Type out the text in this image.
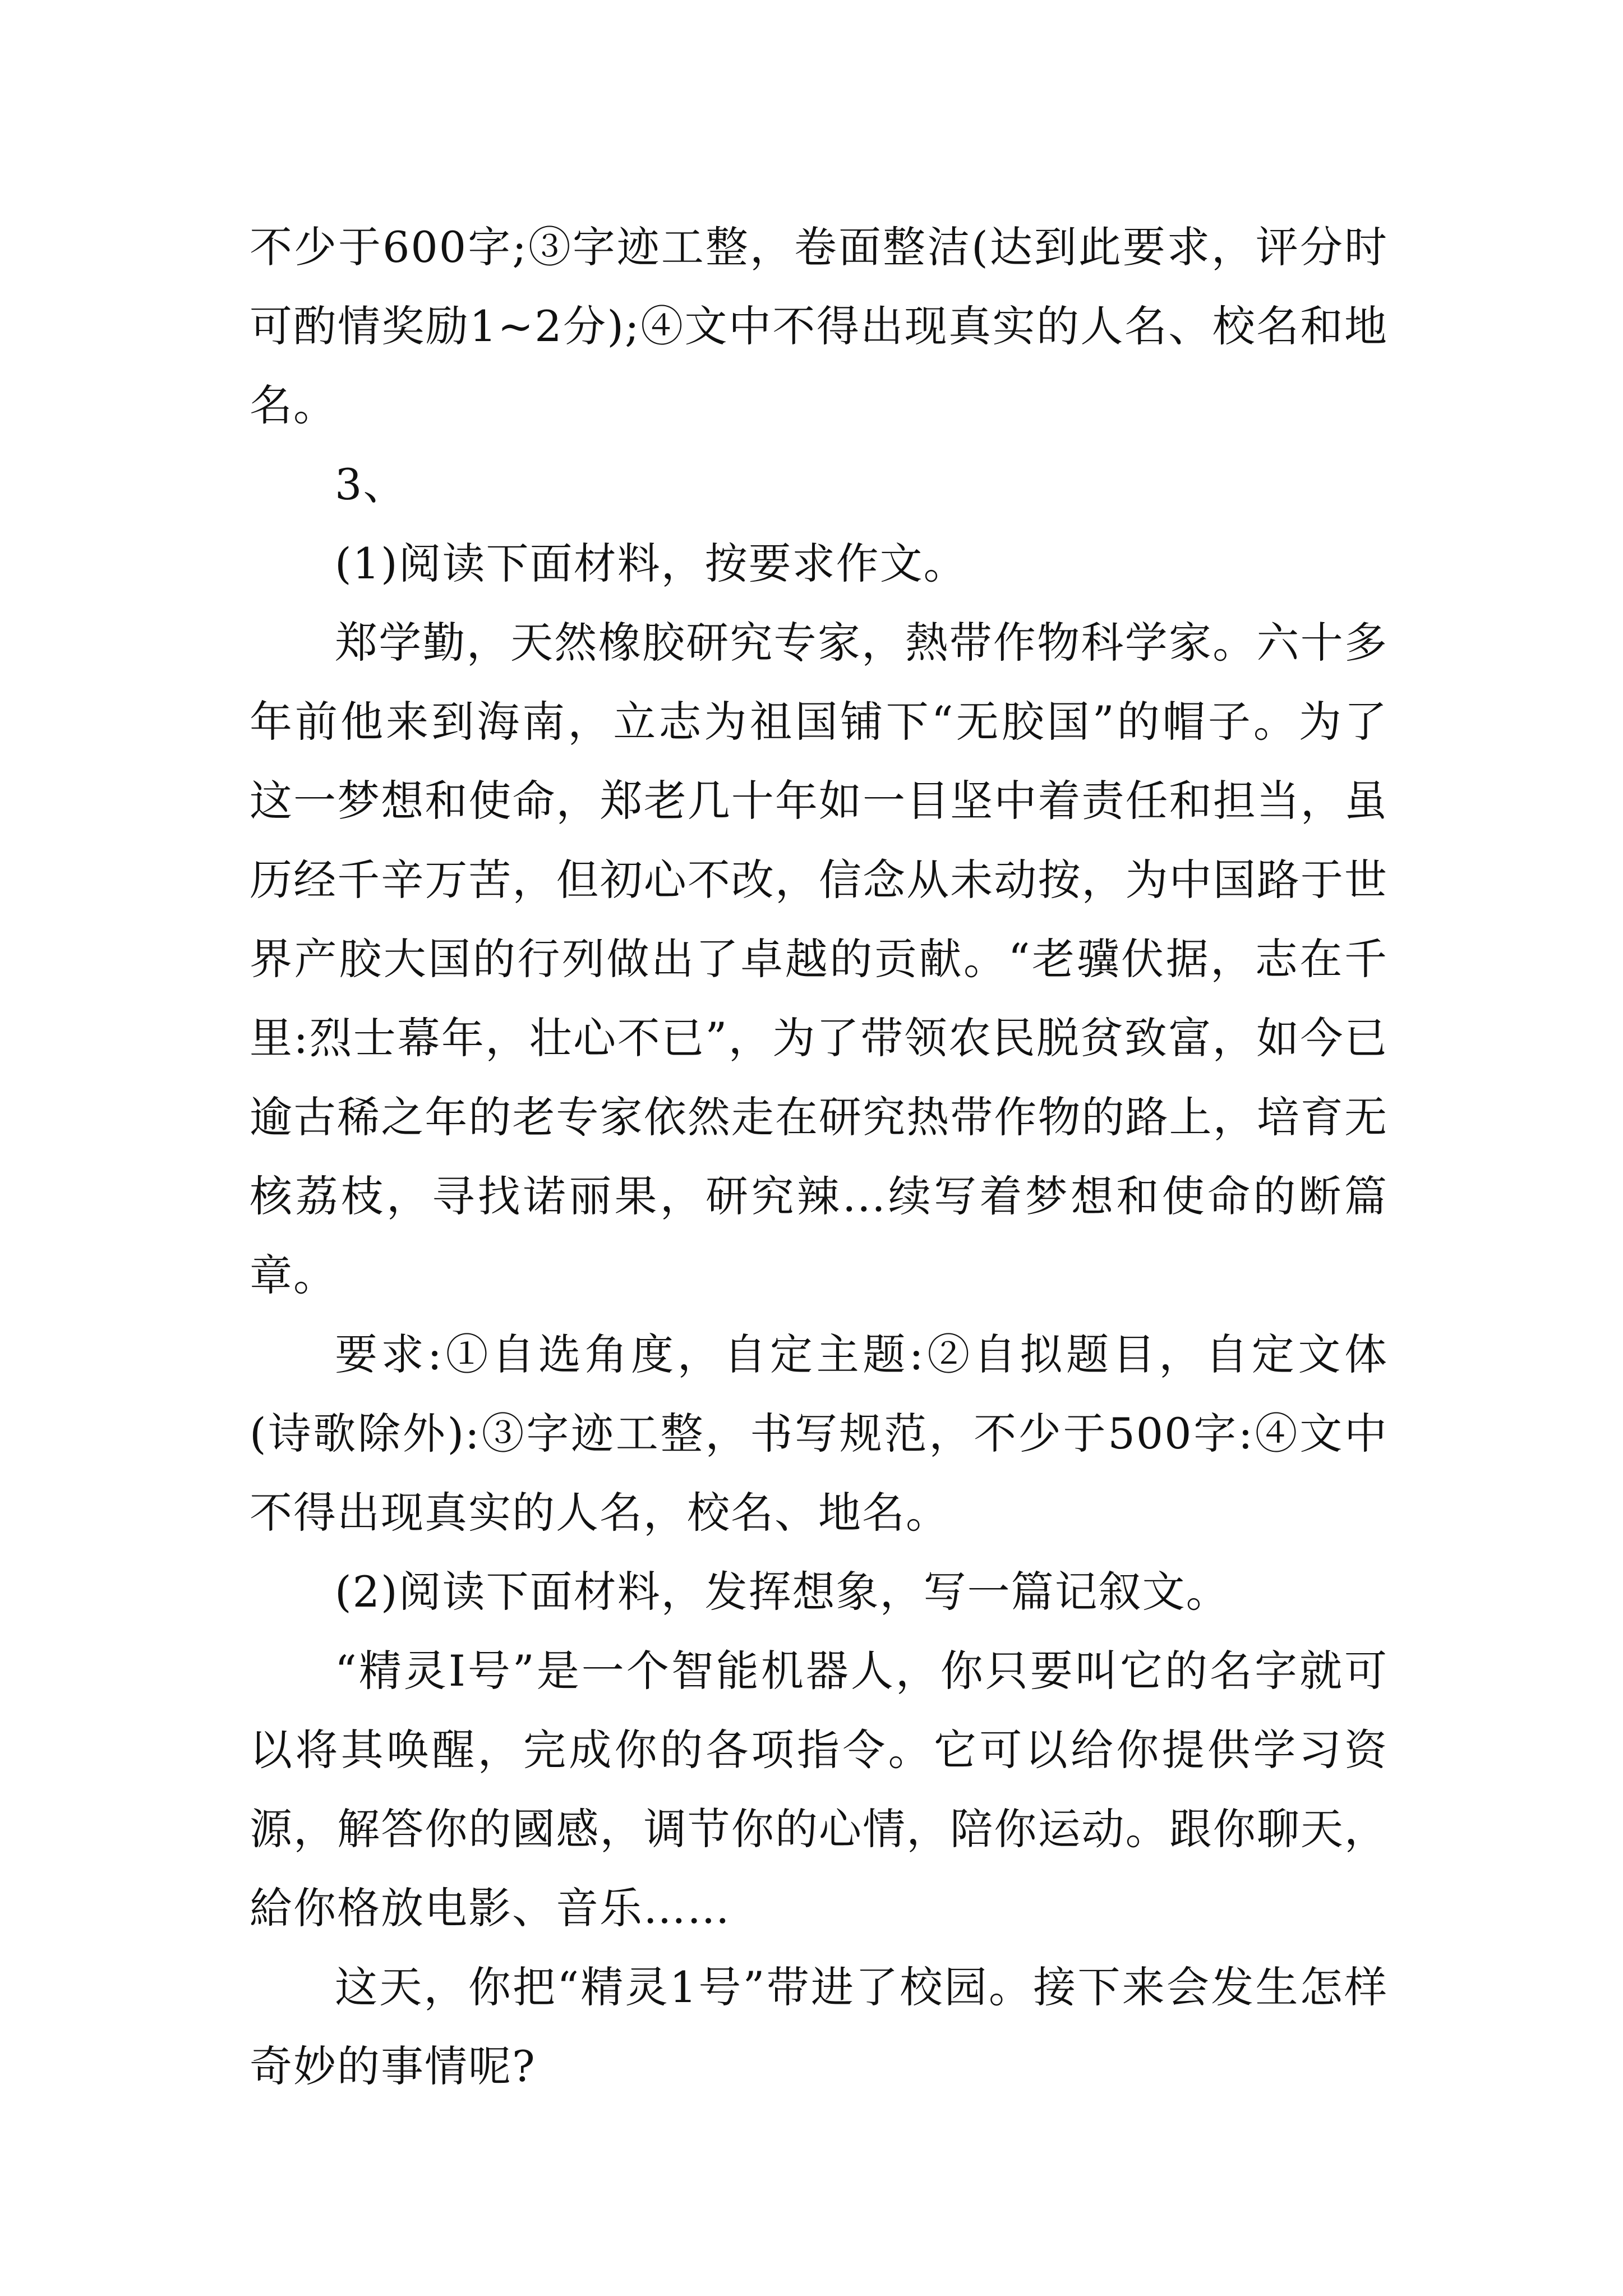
不少于600字;③字迹工整，卷面整洁(达到此要求，评分时可酌情奖励1~2分);④文中不得出现真实的人名、校名和地名。

3、

(1)阅读下面材料，按要求作文。

郑学勤，天然橡胶研究专家，熱带作物科学家。六十多年前他来到海南，立志为祖国铺下“无胶国”的帽子。为了这一梦想和使命，郑老几十年如一目坚中着责任和担当，虽历经千辛万苦，但初心不改，信念从未动按，为中国路于世界产胶大国的行列做出了卓越的贡献。“老骥伏据，志在千里:烈士幕年，壮心不已”，为了带领农民脱贫致富，如今已逾古稀之年的老专家依然走在研究热带作物的路上，培育无核荔枝，寻找诺丽果，研究辣...续写着梦想和使命的断篇章。

要求:①自选角度，自定主题:②自拟题目，自定文体(诗歌除外):③字迹工整，书写规范，不少于500字:④文中不得出现真实的人名，校名、地名。

(2)阅读下面材料，发挥想象，写一篇记叙文。

“精灵Ⅰ号”是一个智能机器人，你只要叫它的名字就可以将其唤醒，完成你的各项指令。它可以给你提供学习资源，解答你的國感，调节你的心情，陪你运动。跟你聊天，給你格放电影、音乐……

这天，你把“精灵1号”带进了校园。接下来会发生怎样奇妙的事情呢?
